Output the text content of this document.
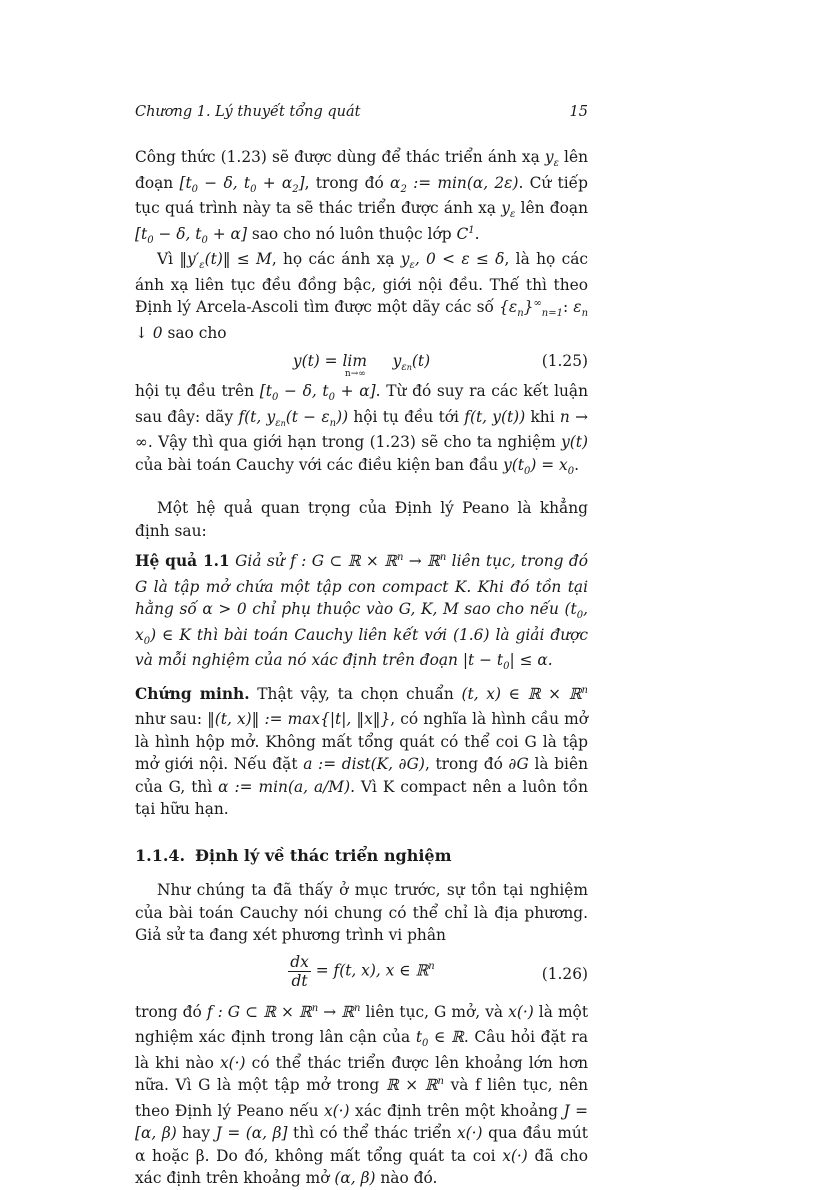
Chương 1. Lý thuyết tổng quát	15

Công thức (1.23) sẽ được dùng để thác triển ánh xạ $y_\varepsilon$ lên đoạn [$t_0 - \delta$, $t_0 + \alpha_2$], trong đó $\alpha_2$ := min(α, 2ε). Cứ tiếp tục quá trình này ta sẽ thác triển được ánh xạ $y_\varepsilon$ lên đoạn [$t_0 - \delta$, $t_0 + \alpha$] sao cho nó luôn thuộc lớp $C^1$.

Vì $‖y'_\varepsilon(t)‖ \le M$, họ các ánh xạ $y_\varepsilon$, 0 < ε ≤ δ, là họ các ánh xạ liên tục đều đồng bậc, giới nội đều. Thế thì theo Định lý Arcela-Ascoli tìm được một dãy các số $\{\varepsilon_n\}^\infty_{n=1}$: $\varepsilon_n$ ↓ 0 sao cho

$y(t) = \lim_{n\to\infty} y_{\varepsilon n}(t)$	(1.25)

hội tụ đều trên [$t_0 - \delta$, $t_0 + \alpha$]. Từ đó suy ra các kết luận sau đây: dãy f(t, $y_{\varepsilon n}(t - \varepsilon_n)$) hội tụ đều tới f(t, y(t)) khi n → ∞. Vậy thì qua giới hạn trong (1.23) sẽ cho ta nghiệm y(t) của bài toán Cauchy với các điều kiện ban đầu $y(t_0) = x_0$.

Một hệ quả quan trọng của Định lý Peano là khẳng định sau:

Hệ quả 1.1 Giả sử f : G ⊂ ℝ × ℝ$^n$ → ℝ$^n$ liên tục, trong đó G là tập mở chứa một tập con compact K. Khi đó tồn tại hằng số α > 0 chỉ phụ thuộc vào G, K, M sao cho nếu ($t_0$, $x_0$) ∈ K thì bài toán Cauchy liên kết với (1.6) là giải được và mỗi nghiệm của nó xác định trên đoạn $|t - t_0| \le \alpha$.

Chứng minh. Thật vậy, ta chọn chuẩn (t, x) ∈ ℝ × ℝ$^n$ như sau: ‖(t, x)‖ := max{|t|, ‖x‖}, có nghĩa là hình cầu mở là hình hộp mở. Không mất tổng quát có thể coi G là tập mở giới nội. Nếu đặt a := dist(K, ∂G), trong đó ∂G là biên của G, thì α := min(a, a/M). Vì K compact nên a luôn tồn tại hữu hạn.

1.1.4. Định lý về thác triển nghiệm

Như chúng ta đã thấy ở mục trước, sự tồn tại nghiệm của bài toán Cauchy nói chung có thể chỉ là địa phương. Giả sử ta đang xét phương trình vi phân

$\frac{dx}{dt} = f(t$, x), x ∈ ℝ$^n$	(1.26)

trong đó f : G ⊂ ℝ × ℝ$^n$ → ℝ$^n$ liên tục, G mở, và x(·) là một nghiệm xác định trong lân cận của $t_0$ ∈ ℝ. Câu hỏi đặt ra là khi nào x(·) có thể thác triển được lên khoảng lớn hơn nữa. Vì G là một tập mở trong ℝ × ℝ$^n$ và f liên tục, nên theo Định lý Peano nếu x(·) xác định trên một khoảng J = [α, β) hay J = (α, β] thì có thể thác triển x(·) qua đầu mút α hoặc β. Do đó, không mất tổng quát ta coi x(·) đã cho xác định trên khoảng mở (α, β) nào đó.
